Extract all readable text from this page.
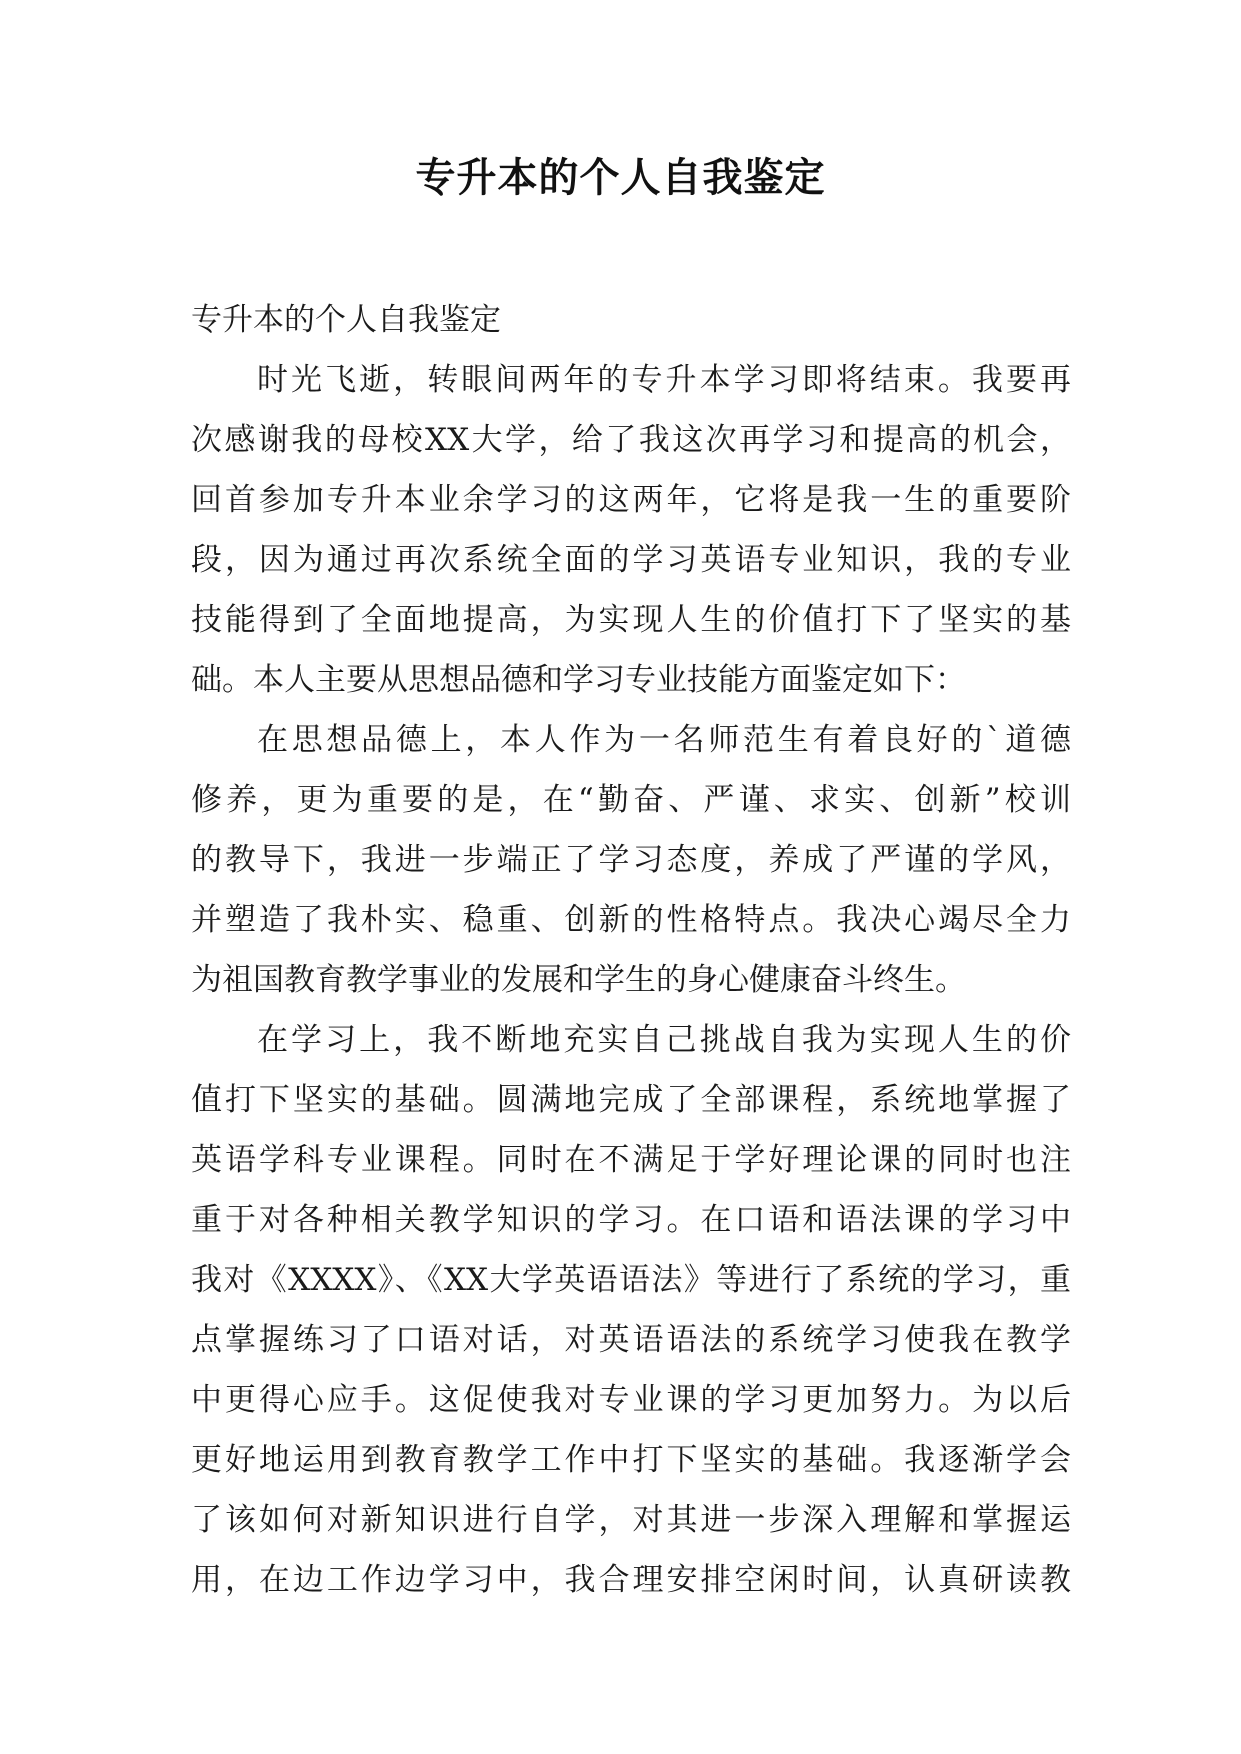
专升本的个人自我鉴定
专升本的个人自我鉴定
时光飞逝，转眼间两年的专升本学习即将结束。我要再
次感谢我的母校XX大学，给了我这次再学习和提高的机会，
回首参加专升本业余学习的这两年，它将是我一生的重要阶
段，因为通过再次系统全面的学习英语专业知识，我的专业
技能得到了全面地提高，为实现人生的价值打下了坚实的基
础。本人主要从思想品德和学习专业技能方面鉴定如下：
在思想品德上，本人作为一名师范生有着良好的`道德
修养，更为重要的是，在“勤奋、严谨、求实、创新”校训
的教导下，我进一步端正了学习态度，养成了严谨的学风，
并塑造了我朴实、稳重、创新的性格特点。我决心竭尽全力
为祖国教育教学事业的发展和学生的身心健康奋斗终生。
在学习上，我不断地充实自己挑战自我为实现人生的价
值打下坚实的基础。圆满地完成了全部课程，系统地掌握了
英语学科专业课程。同时在不满足于学好理论课的同时也注
重于对各种相关教学知识的学习。在口语和语法课的学习中
我对《XXXX》、《XX大学英语语法》等进行了系统的学习，重
点掌握练习了口语对话，对英语语法的系统学习使我在教学
中更得心应手。这促使我对专业课的学习更加努力。为以后
更好地运用到教育教学工作中打下坚实的基础。我逐渐学会
了该如何对新知识进行自学，对其进一步深入理解和掌握运
用，在边工作边学习中，我合理安排空闲时间，认真研读教
